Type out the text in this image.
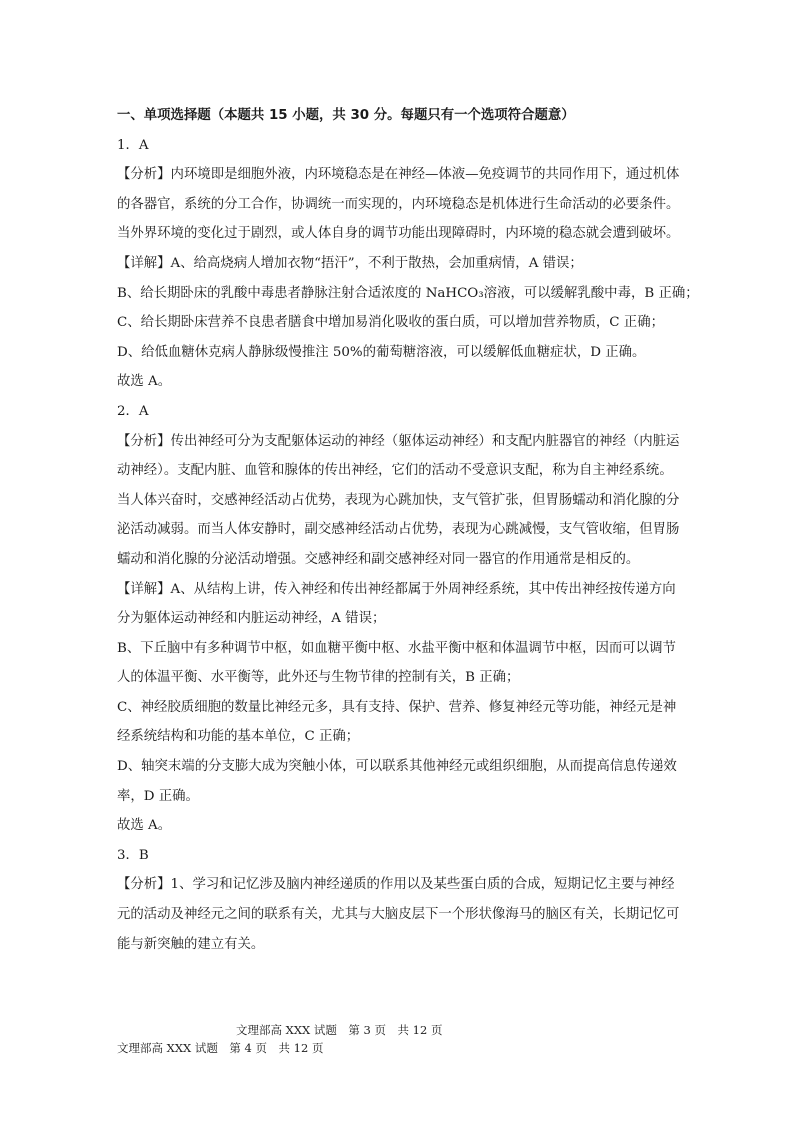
一、单项选择题（本题共 15 小题，共 30 分。每题只有一个选项符合题意）
1．A
【分析】内环境即是细胞外液，内环境稳态是在神经—体液—免疫调节的共同作用下，通过机体
的各器官，系统的分工合作，协调统一而实现的，内环境稳态是机体进行生命活动的必要条件。
当外界环境的变化过于剧烈，或人体自身的调节功能出现障碍时，内环境的稳态就会遭到破坏。
【详解】A、给高烧病人增加衣物“捂汗”，不利于散热，会加重病情，A 错误；
B、给长期卧床的乳酸中毒患者静脉注射合适浓度的 NaHCO₃溶液，可以缓解乳酸中毒，B 正确；
C、给长期卧床营养不良患者膳食中增加易消化吸收的蛋白质，可以增加营养物质，C 正确；
D、给低血糖休克病人静脉级慢推注 50%的葡萄糖溶液，可以缓解低血糖症状，D 正确。
故选 A。
2．A
【分析】传出神经可分为支配躯体运动的神经（躯体运动神经）和支配内脏器官的神经（内脏运
动神经）。支配内脏、血管和腺体的传出神经，它们的活动不受意识支配，称为自主神经系统。
当人体兴奋时，交感神经活动占优势，表现为心跳加快，支气管扩张，但胃肠蠕动和消化腺的分
泌活动减弱。而当人体安静时，副交感神经活动占优势，表现为心跳减慢，支气管收缩，但胃肠
蠕动和消化腺的分泌活动增强。交感神经和副交感神经对同一器官的作用通常是相反的。
【详解】A、从结构上讲，传入神经和传出神经都属于外周神经系统，其中传出神经按传递方向
分为躯体运动神经和内脏运动神经，A 错误；
B、下丘脑中有多种调节中枢，如血糖平衡中枢、水盐平衡中枢和体温调节中枢，因而可以调节
人的体温平衡、水平衡等，此外还与生物节律的控制有关，B 正确；
C、神经胶质细胞的数量比神经元多，具有支持、保护、营养、修复神经元等功能，神经元是神
经系统结构和功能的基本单位，C 正确；
D、轴突末端的分支膨大成为突触小体，可以联系其他神经元或组织细胞，从而提高信息传递效
率，D 正确。
故选 A。
3．B
【分析】1、学习和记忆涉及脑内神经递质的作用以及某些蛋白质的合成，短期记忆主要与神经
元的活动及神经元之间的联系有关，尤其与大脑皮层下一个形状像海马的脑区有关，长期记忆可
能与新突触的建立有关。
文理部高 XXX 试题　第 3 页　共 12 页
文理部高 XXX 试题　第 4 页　共 12 页
